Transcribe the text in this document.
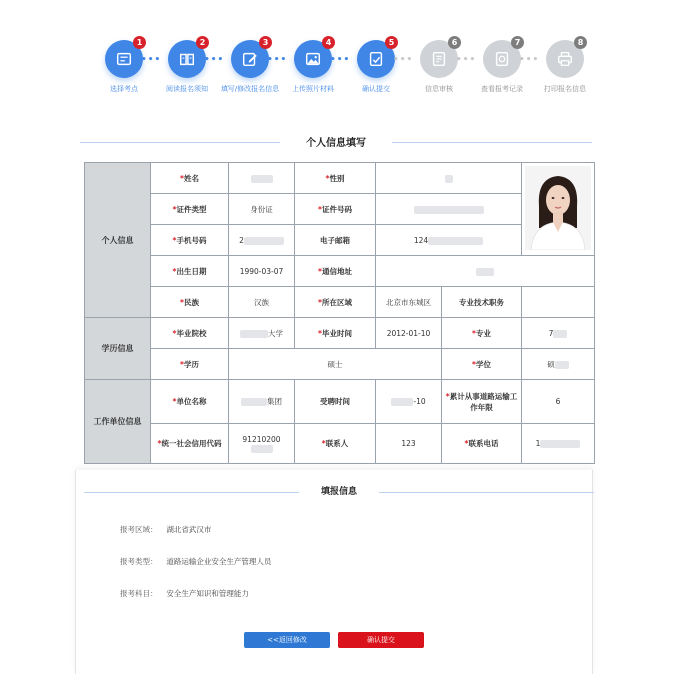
1
选择考点
•••
2
阅读报名须知
•••
3
填写/修改报名信息
•••
4
上传照片材料
•••
5
确认提交
•••
6
信息审核
•••
7
查看报考记录
•••
8
打印报名信息
个人信息填写
个人信息	*姓名		*性别		
	*证件类型	身份证	*证件号码			
	*手机号码	2	电子邮箱	124		
	*出生日期	1990-03-07	*通信地址			
	*民族	汉族	*所在区域	北京市东城区	专业技术职务	
学历信息	*毕业院校	大学	*毕业时间	2012-01-10	*专业	7
	*学历	硕士			*学位	硕
工作单位信息	*单位名称	集团	受聘时间	-10	*累计从事道路运输工作年限	6
	*统一社会信用代码	91210200	*联系人	123	*联系电话	1
填报信息
报考区域： 湖北省武汉市
报考类型： 道路运输企业安全生产管理人员
报考科目： 安全生产知识和管理能力
<<返回修改	确认提交
